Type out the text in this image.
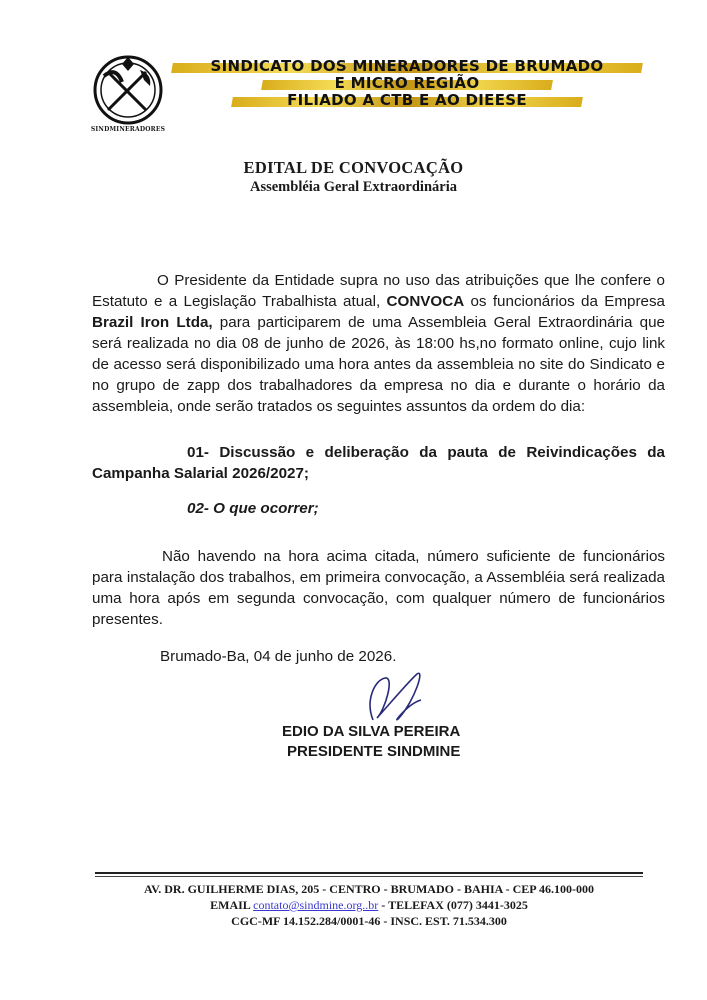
SINDMINERADORES
SINDICATO DOS MINERADORES DE BRUMADO
E MICRO REGIÃO
FILIADO A CTB E AO DIEESE
EDITAL DE CONVOCAÇÃO
Assembléia Geral Extraordinária
O Presidente da Entidade supra no uso das atribuições que lhe confere o Estatuto e a Legislação Trabalhista atual, CONVOCA os funcionários da Empresa Brazil Iron Ltda, para participarem de uma Assembleia Geral Extraordinária que será realizada no dia 08 de junho de 2026, às 18:00 hs,no formato online, cujo link de acesso será disponibilizado uma hora antes da assembleia no site do Sindicato e no grupo de zapp dos trabalhadores da empresa no dia e durante o horário da assembleia, onde serão tratados os seguintes assuntos da ordem do dia:
01- Discussão e deliberação da pauta de Reivindicações da Campanha Salarial 2026/2027;
02- O que ocorrer;
Não havendo na hora acima citada, número suficiente de funcionários para instalação dos trabalhos, em primeira convocação, a Assembléia será realizada uma hora após em segunda convocação, com qualquer número de funcionários presentes.
Brumado-Ba, 04 de junho de 2026.
EDIO DA SILVA PEREIRA
PRESIDENTE SINDMINE
AV. DR. GUILHERME DIAS, 205 - CENTRO - BRUMADO - BAHIA - CEP 46.100-000
EMAIL contato@sindmine.org..br - TELEFAX (077) 3441-3025
CGC-MF 14.152.284/0001-46 - INSC. EST. 71.534.300
